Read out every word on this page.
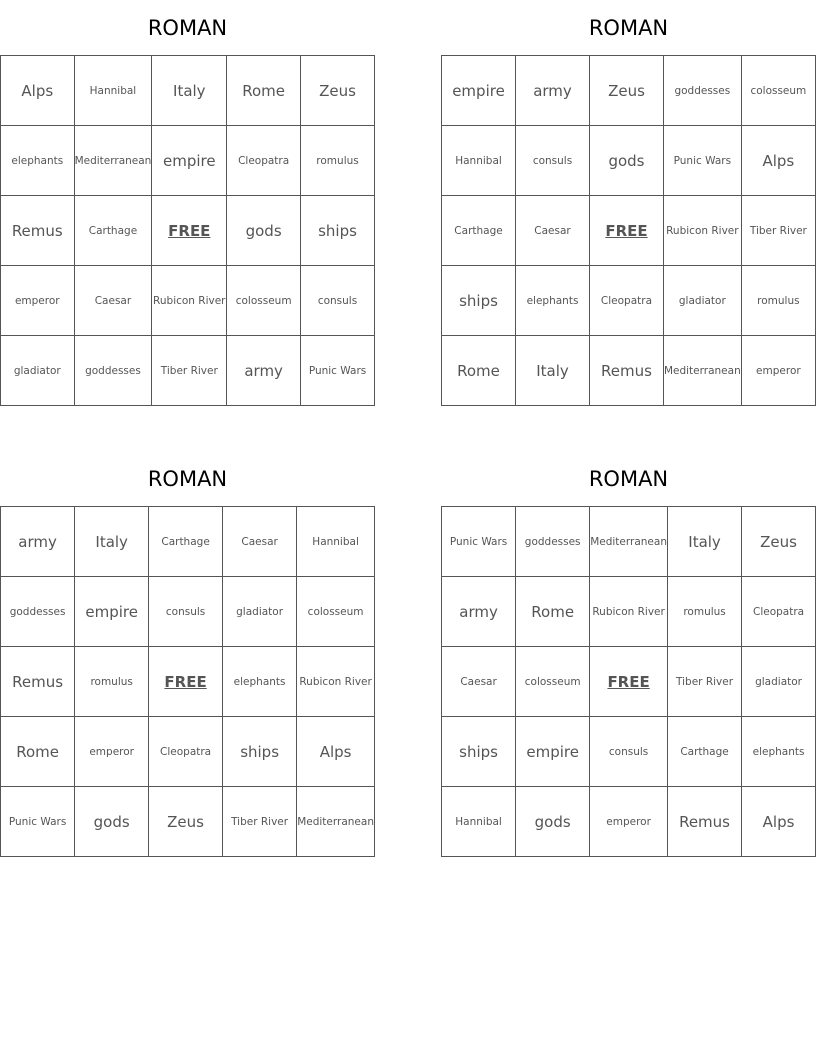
ROMAN
Alps	Hannibal	Italy	Rome	Zeus
elephants	Mediterranean	empire	Cleopatra	romulus
Remus	Carthage	FREE	gods	ships
emperor	Caesar	Rubicon River	colosseum	consuls
gladiator	goddesses	Tiber River	army	Punic Wars
ROMAN
empire	army	Zeus	goddesses	colosseum
Hannibal	consuls	gods	Punic Wars	Alps
Carthage	Caesar	FREE	Rubicon River	Tiber River
ships	elephants	Cleopatra	gladiator	romulus
Rome	Italy	Remus	Mediterranean	emperor
ROMAN
army	Italy	Carthage	Caesar	Hannibal
goddesses	empire	consuls	gladiator	colosseum
Remus	romulus	FREE	elephants	Rubicon River
Rome	emperor	Cleopatra	ships	Alps
Punic Wars	gods	Zeus	Tiber River	Mediterranean
ROMAN
Punic Wars	goddesses	Mediterranean	Italy	Zeus
army	Rome	Rubicon River	romulus	Cleopatra
Caesar	colosseum	FREE	Tiber River	gladiator
ships	empire	consuls	Carthage	elephants
Hannibal	gods	emperor	Remus	Alps
